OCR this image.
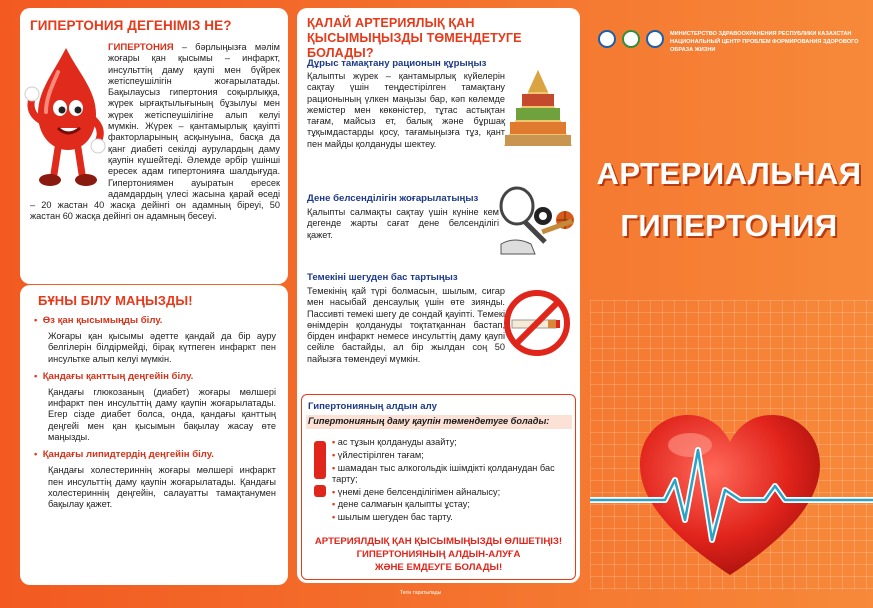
ГИПЕРТОНИЯ ДЕГЕНІМІЗ НЕ?
ГИПЕРТОНИЯ – бәрлыңызға мәлім жоғары қан қысымы – инфаркт, инсульттің даму қаупі мен бүйрек жетіспеушілігін жоғарылатады. Бақылаусыз гипертония соқырлыққа, жүрек ырғақтылығының бұзылуы мен жүрек жетіспеушілігіне алып келуі мүмкін. Жүрек – қантамырлық қауіпті факторларының асқынуына, басқа да қанг диабеті секілді аурулардың даму қаупін күшейтеді. Әлемде әрбір үшінші ересек адам гипертонияға шалдығуда. Гипертониямен ауыратын ересек адамдардың үлесі жасына қарай өседі – 20 жастан 40 жасқа дейінгі он адамның біреуі, 50 жастан 60 жасқа дейінгі он адамның бесеуі.
БҰНЫ БІЛУ МАҢЫЗДЫ!
• Өз қан қысымыңды білу.
Жоғары қан қысымы әдетте қандай да бір ауру белгілерін білдірмейді, бірақ күтпеген инфаркт пен инсультке алып келуі мүмкін.
• Қандағы қанттың деңгейін білу.
Қандағы глюкозаның (диабет) жоғары мөлшері инфаркт пен инсульттің даму қаупін жоғарылатады. Егер сізде диабет болса, онда, қандағы қанттың деңгейі мен қан қысымын бақылау жасау өте маңызды.
• Қандағы липидтердің деңгейін білу.
Қандағы холестериннің жоғары мөлшері инфаркт пен инсульттің дамy қаупін жоғарылатады. Қандағы холестериннің деңгейін, салауатты тамақтанумен бақылау қажет.
ҚАЛАЙ АРТЕРИЯЛЫҚ ҚАН ҚЫСЫМЫҢЫЗДЫ ТӨМЕНДЕТУГЕ БОЛАДЫ?
Дұрыс тамақтану рационын құрыңыз
Қалыпты жүрек – қантамырлық күйелерін сақтау үшін теңдестірілген тамақтану рационының үлкен маңызы бар, кәп көлемде жемістер мен көкөністер, тұтас астықтан тағам, майсыз ет, балық және бұршақ тұқымдастарды қосу, тағамыңызға тұз, қант пен майды қолдануды шектеу.
Дене белсенділігін жоғарылатыңыз
Қалыпты салмақты сақтау үшін күніне кем дегенде жарты сағат дене белсенділігі қажет.
Темекіні шегуден бас тартыңыз
Темекінің қай түрі болмасын, шылым, сигар мен насыбай денсаулық үшін өте зиянды. Пассивті темекі шегу де сондай қауіпті. Темекі өнімдерін қолдануды тоқтатқаннан бастап, бірден инфаркт немесе инсульттің даму қаупі сейіле бастайды, ал бір жылдан соң 50 пайызға төмендеуі мүмкін.
Гипертонияның алдын алу
Гипертонияның даму қаупін төмендетуге болады:
• ас тұзын қолдануды азайту;
• үйлестірілген тағам;
• шамадан тыс алкогольдік ішімдікті қолданудан бас тарту;
• үнемі дене белсенділігімен айналысу;
• дене салмағын қалыпты ұстау;
• шылым шегуден бас тарту.
АРТЕРИЯЛДЫҚ ҚАН ҚЫСЫМЫҢЫЗДЫ ӨЛШЕТІҢІЗ!
ГИПЕРТОНИЯНЫҢ АЛДЫН-АЛУҒА
ЖӘНЕ ЕМДЕУГЕ БОЛАДЫ!
МИНИСТЕРСТВО ЗДРАВООХРАНЕНИЯ РЕСПУБЛИКИ КАЗАХСТАН
НАЦИОНАЛЬНЫЙ ЦЕНТР ПРОБЛЕМ ФОРМИРОВАНИЯ ЗДОРОВОГО ОБРАЗА ЖИЗНИ
АРТЕРИАЛЬНАЯ
ГИПЕРТОНИЯ
Тегін таратылады
